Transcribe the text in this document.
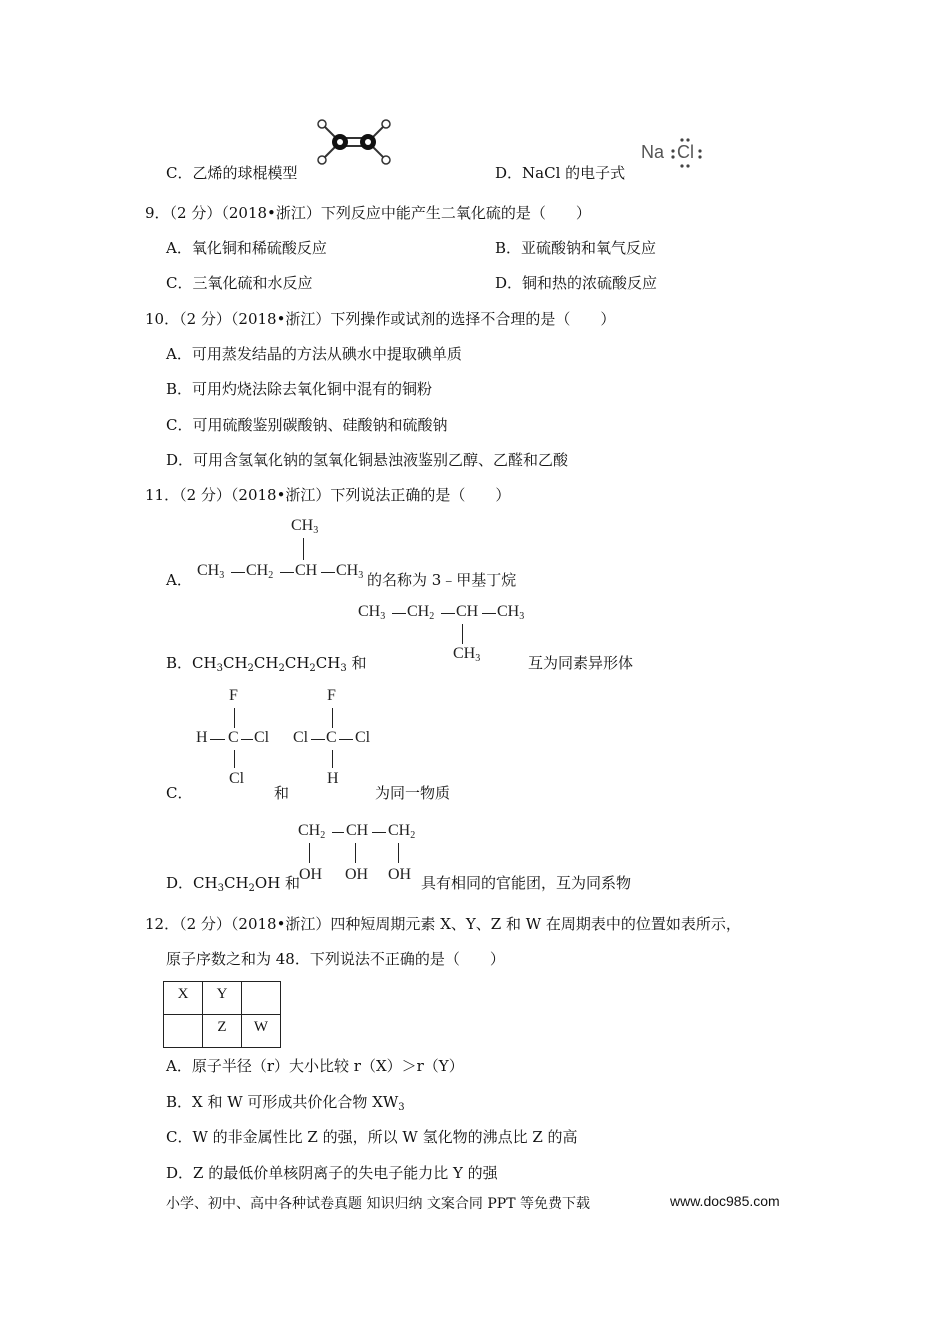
C．乙烯的球棍模型	D．NaCl 的电子式
Na Cl
9．（2 分）（2018•浙江）下列反应中能产生二氧化硫的是（　　）
A．氧化铜和稀硫酸反应	B．亚硫酸钠和氧气反应
C．三氧化硫和水反应	D．铜和热的浓硫酸反应
10．（2 分）（2018•浙江）下列操作或试剂的选择不合理的是（　　）
A．可用蒸发结晶的方法从碘水中提取碘单质
B．可用灼烧法除去氧化铜中混有的铜粉
C．可用硫酸鉴别碳酸钠、硅酸钠和硫酸钠
D．可用含氢氧化钠的氢氧化铜悬浊液鉴别乙醇、乙醛和乙酸
11．（2 分）（2018•浙江）下列说法正确的是（　　）
A．
$CH_3$
$CH_3$ $CH_2$ CH $CH_3$ 的名称为 3﹣甲基丁烷
B．$CH_3CH_2CH_2CH_2CH_3$ 和
$CH_3$ $CH_2$ CH $CH_3$
$CH_3$	互为同素异形体
C．
F
H C Cl
Cl
和
F
Cl C Cl
H
为同一物质
D．$CH_3CH_2OH$ 和
$CH_2$ CH $CH_2$
OH OH OH 具有相同的官能团，互为同系物
12．（2 分）（2018•浙江）四种短周期元素 X、Y、Z 和 W 在周期表中的位置如表所示，
原子序数之和为 48．下列说法不正确的是（　　）
X	Y	
	Z	W
A．原子半径（r）大小比较 r（X）＞r（Y）
B．X 和 W 可形成共价化合物 $XW_3$
C．W 的非金属性比 Z 的强，所以 W 氢化物的沸点比 Z 的高
D．Z 的最低价单核阴离子的失电子能力比 Y 的强
小学、初中、高中各种试卷真题 知识归纳 文案合同 PPT 等免费下载	www.doc985.com
